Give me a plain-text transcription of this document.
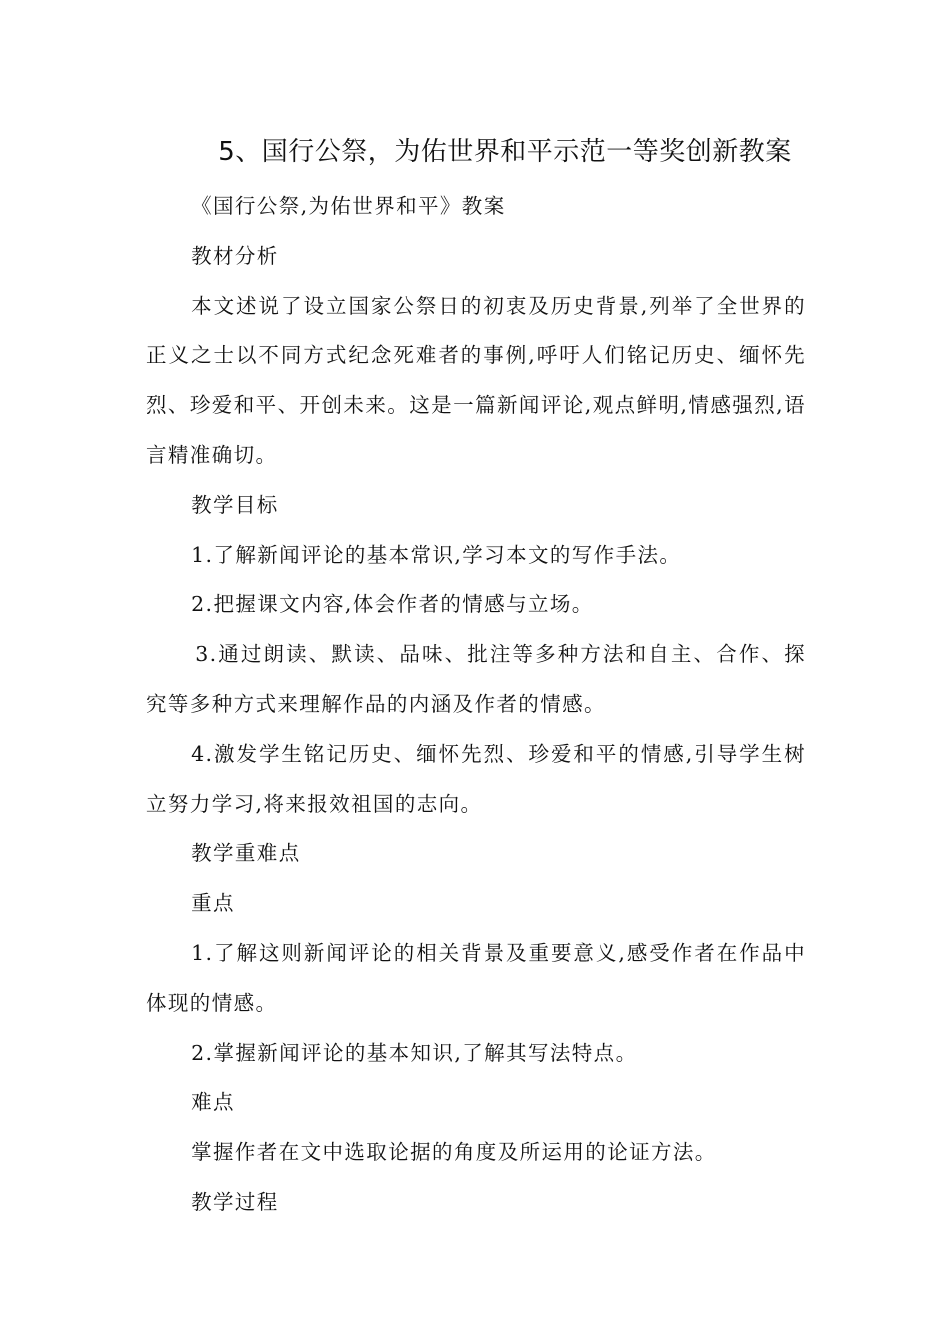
5、国行公祭，为佑世界和平示范一等奖创新教案

《国行公祭,为佑世界和平》教案

教材分析

本文述说了设立国家公祭日的初衷及历史背景,列举了全世界的正义之士以不同方式纪念死难者的事例,呼吁人们铭记历史、缅怀先烈、珍爱和平、开创未来。这是一篇新闻评论,观点鲜明,情感强烈,语言精准确切。

教学目标

1.了解新闻评论的基本常识,学习本文的写作手法。

2.把握课文内容,体会作者的情感与立场。

3.通过朗读、默读、品味、批注等多种方法和自主、合作、探究等多种方式来理解作品的内涵及作者的情感。

4.激发学生铭记历史、缅怀先烈、珍爱和平的情感,引导学生树立努力学习,将来报效祖国的志向。

教学重难点

重点

1.了解这则新闻评论的相关背景及重要意义,感受作者在作品中体现的情感。

2.掌握新闻评论的基本知识,了解其写法特点。

难点

掌握作者在文中选取论据的角度及所运用的论证方法。

教学过程
